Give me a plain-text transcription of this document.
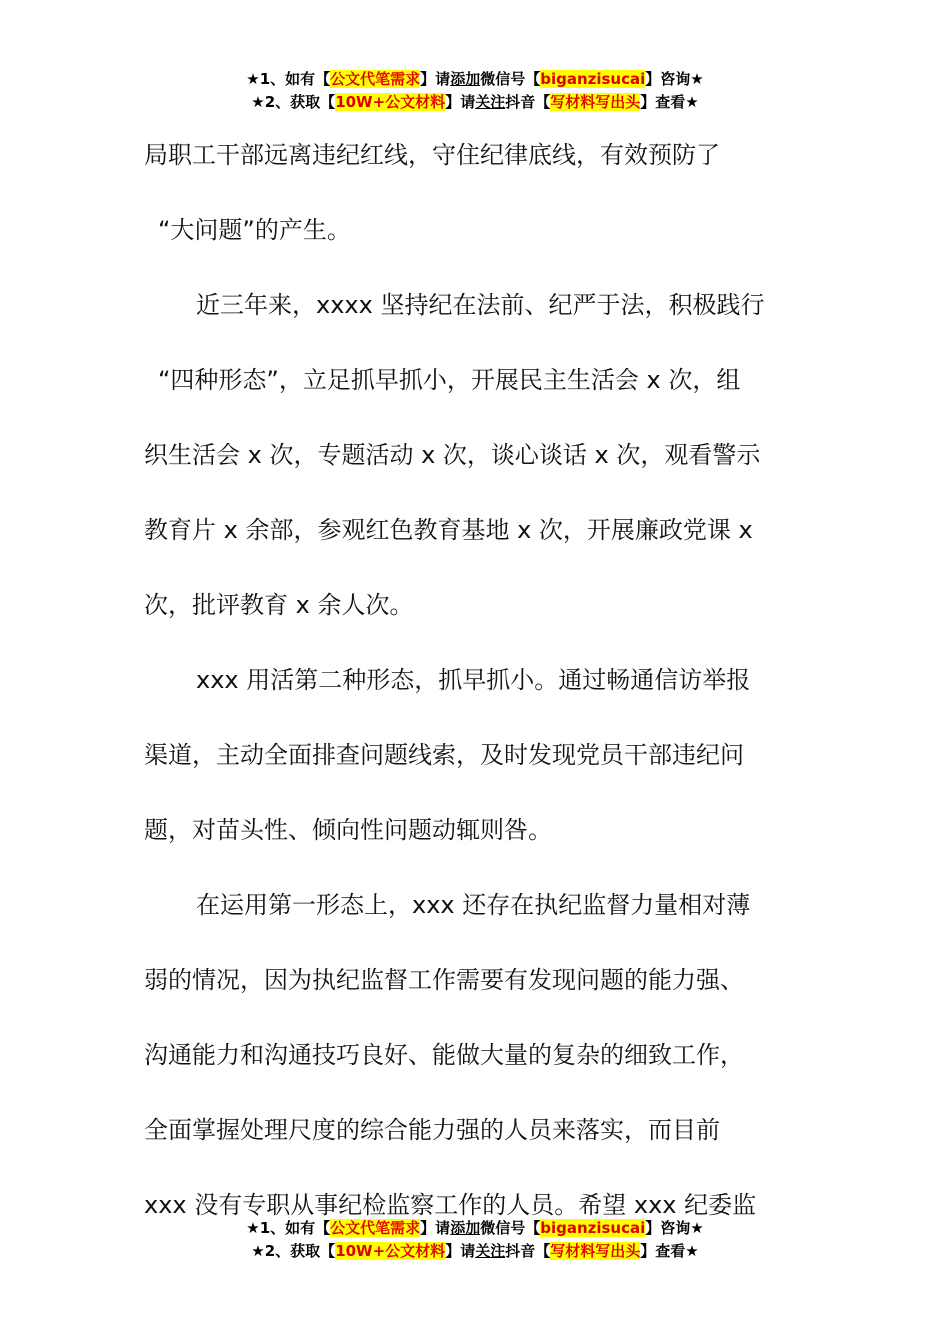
★1、如有【公文代笔需求】请添加微信号【biganzisucai】咨询★
★2、获取【10W+公文材料】请关注抖音【写材料写出头】查看★
局职工干部远离违纪红线，守住纪律底线，有效预防了
“大问题”的产生。
近三年来，xxxx 坚持纪在法前、纪严于法，积极践行
“四种形态”，立足抓早抓小，开展民主生活会 x 次，组
织生活会 x 次，专题活动 x 次，谈心谈话 x 次，观看警示
教育片 x 余部，参观红色教育基地 x 次，开展廉政党课 x
次，批评教育 x 余人次。
xxx 用活第二种形态，抓早抓小。通过畅通信访举报
渠道，主动全面排查问题线索，及时发现党员干部违纪问
题，对苗头性、倾向性问题动辄则咎。
在运用第一形态上，xxx 还存在执纪监督力量相对薄
弱的情况，因为执纪监督工作需要有发现问题的能力强、
沟通能力和沟通技巧良好、能做大量的复杂的细致工作，
全面掌握处理尺度的综合能力强的人员来落实，而目前
xxx 没有专职从事纪检监察工作的人员。希望 xxx 纪委监
★1、如有【公文代笔需求】请添加微信号【biganzisucai】咨询★
★2、获取【10W+公文材料】请关注抖音【写材料写出头】查看★
